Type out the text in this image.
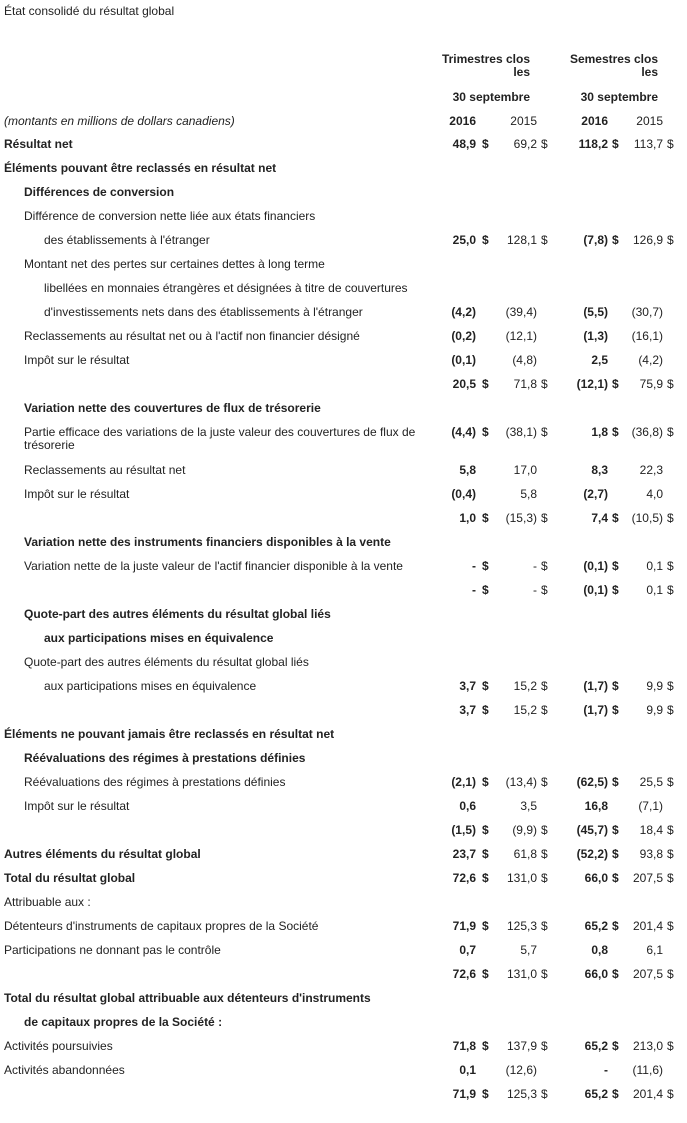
État consolidé du résultat global
Trimestres clos les
Semestres clos les
30 septembre	30 septembre
(montants en millions de dollars canadiens)	2016	2015	2016 2015
Résultat net	48,9 $ 69,2 $	118,2 $ 113,7 $
Éléments pouvant être reclassés en résultat net
Différences de conversion
Différence de conversion nette liée aux états financiers
des établissements à l'étranger	25,0 $ 128,1 $	(7,8) $ 126,9 $
Montant net des pertes sur certaines dettes à long terme
libellées en monnaies étrangères et désignées à titre de couvertures
d'investissements nets dans des établissements à l'étranger	(4,2) (39,4)	(5,5) (30,7)
Reclassements au résultat net ou à l'actif non financier désigné	(0,2) (12,1)	(1,3) (16,1)
Impôt sur le résultat	(0,1)	(4,8)	2,5	(4,2)
20,5 $ 71,8 $ (12,1) $ 75,9 $
Variation nette des couvertures de flux de trésorerie
Partie efficace des variations de la juste valeur des couvertures de flux de trésorerie
(4,4) $ (38,1) $	1,8 $ (36,8) $
Reclassements au résultat net	5,8	17,0	8,3	22,3
Impôt sur le résultat	(0,4)	5,8	(2,7)	4,0
1,0 $ (15,3) $	7,4 $ (10,5) $
Variation nette des instruments financiers disponibles à la vente
Variation nette de la juste valeur de l'actif financier disponible à la vente	- $	- $	(0,1) $ 0,1 $
- $	- $	(0,1) $ 0,1 $
Quote-part des autres éléments du résultat global liés
aux participations mises en équivalence
Quote-part des autres éléments du résultat global liés
aux participations mises en équivalence	3,7 $ 15,2 $	(1,7) $ 9,9 $
3,7 $ 15,2 $	(1,7) $ 9,9 $
Éléments ne pouvant jamais être reclassés en résultat net
Réévaluations des régimes à prestations définies
Réévaluations des régimes à prestations définies	(2,1) $ (13,4) $ (62,5) $ 25,5 $
Impôt sur le résultat	0,6	3,5	16,8	(7,1)
(1,5) $ (9,9) $ (45,7) $ 18,4 $
Autres éléments du résultat global	23,7 $ 61,8 $ (52,2) $ 93,8 $
Total du résultat global	72,6 $ 131,0 $	66,0 $ 207,5 $
Attribuable aux :
Détenteurs d'instruments de capitaux propres de la Société	71,9 $ 125,3 $	65,2 $ 201,4 $
Participations ne donnant pas le contrôle	0,7	5,7	0,8	6,1
72,6 $ 131,0 $	66,0 $ 207,5 $
Total du résultat global attribuable aux détenteurs d'instruments
de capitaux propres de la Société :
Activités poursuivies	71,8 $ 137,9 $	65,2 $ 213,0 $
Activités abandonnées	0,1 (12,6)	- (11,6)
71,9 $ 125,3 $	65,2 $ 201,4 $
